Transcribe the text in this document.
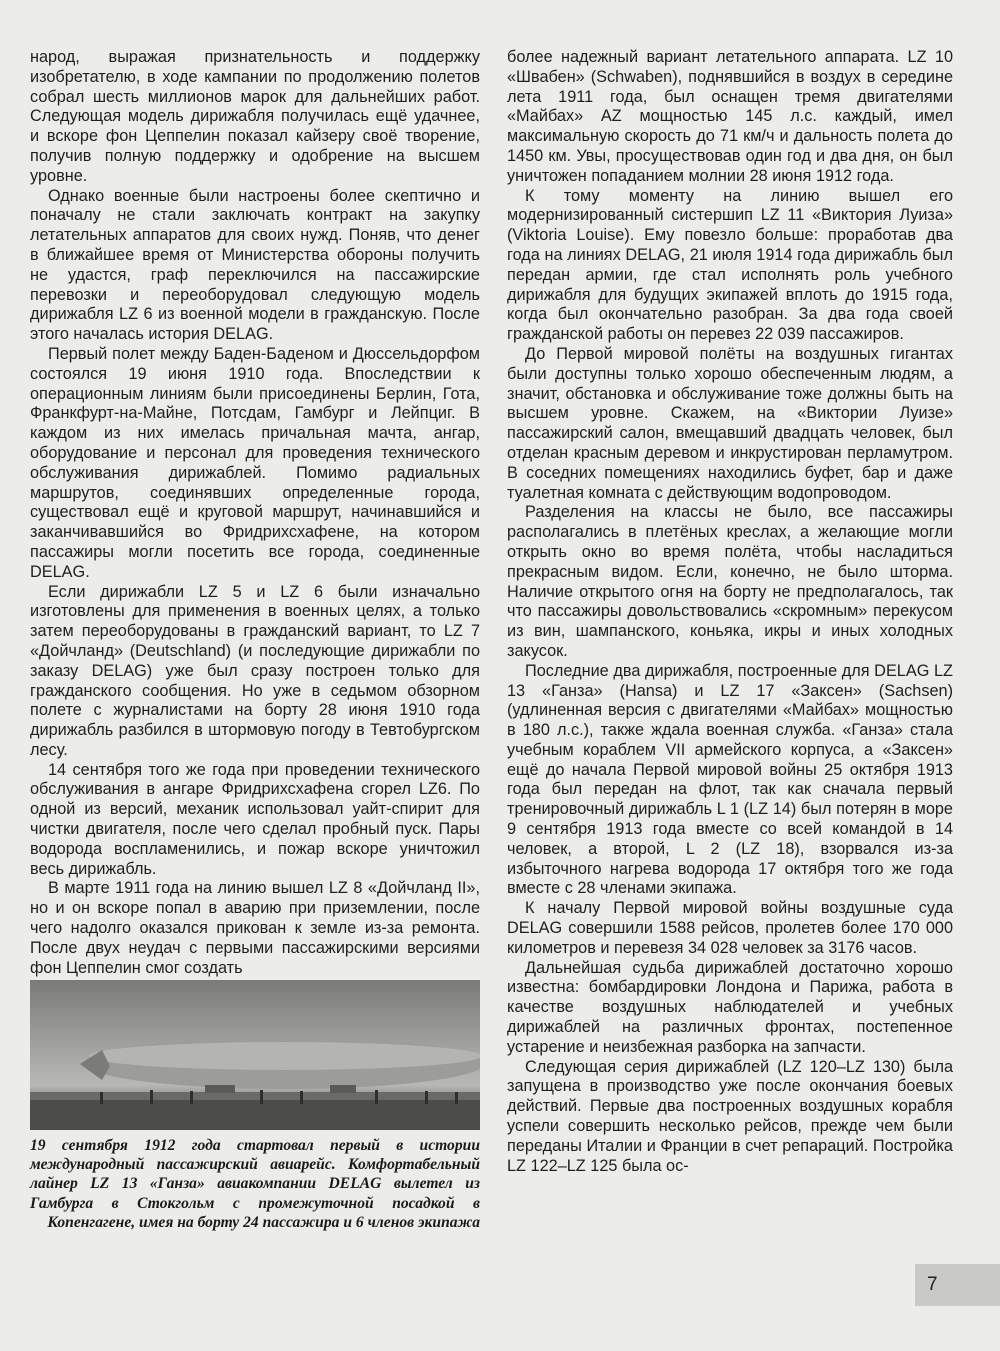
народ, выражая признательность и поддержку изобретателю, в ходе кампании по продолжению полетов собрал шесть миллионов марок для дальнейших работ. Следующая модель дирижабля получилась ещё удачнее, и вскоре фон Цеппелин показал кайзеру своё творение, получив полную поддержку и одобрение на высшем уровне.

Однако военные были настроены более скептично и поначалу не стали заключать контракт на закупку летательных аппаратов для своих нужд. Поняв, что денег в ближайшее время от Министерства обороны получить не удастся, граф переключился на пассажирские перевозки и переоборудовал следующую модель дирижабля LZ 6 из военной модели в гражданскую. После этого началась история DELAG.

Первый полет между Баден-Баденом и Дюссельдорфом состоялся 19 июня 1910 года. Впоследствии к операционным линиям были присоединены Берлин, Гота, Франкфурт-на-Майне, Потсдам, Гамбург и Лейпциг. В каждом из них имелась причальная мачта, ангар, оборудование и персонал для проведения технического обслуживания дирижаблей. Помимо радиальных маршрутов, соединявших определенные города, существовал ещё и круговой маршрут, начинавшийся и заканчивавшийся во Фридрихсхафене, на котором пассажиры могли посетить все города, соединенные DELAG.

Если дирижабли LZ 5 и LZ 6 были изначально изготовлены для применения в военных целях, а только затем переоборудованы в гражданский вариант, то LZ 7 «Дойчланд» (Deutschland) (и последующие дирижабли по заказу DELAG) уже был сразу построен только для гражданского сообщения. Но уже в седьмом обзорном полете с журналистами на борту 28 июня 1910 года дирижабль разбился в штормовую погоду в Тевтобургском лесу.

14 сентября того же года при проведении технического обслуживания в ангаре Фридрихсхафена сгорел LZ6. По одной из версий, механик использовал уайт-спирит для чистки двигателя, после чего сделал пробный пуск. Пары водорода воспламенились, и пожар вскоре уничтожил весь дирижабль.

В марте 1911 года на линию вышел LZ 8 «Дойчланд II», но и он вскоре попал в аварию при приземлении, после чего надолго оказался прикован к земле из-за ремонта. После двух неудач с первыми пассажирскими версиями фон Цеппелин смог создать

19 сентября 1912 года стартовал первый в истории международный пассажирский авиарейс. Комфортабельный лайнер LZ 13 «Ганза» авиакомпании DELAG вылетел из Гамбурга в Стокгольм с промежуточной посадкой в Копенгагене, имея на борту 24 пассажира и 6 членов экипажа

более надежный вариант летательного аппарата. LZ 10 «Швабен» (Schwaben), поднявшийся в воздух в середине лета 1911 года, был оснащен тремя двигателями «Майбах» AZ мощностью 145 л.с. каждый, имел максимальную скорость до 71 км/ч и дальность полета до 1450 км. Увы, просуществовав один год и два дня, он был уничтожен попаданием молнии 28 июня 1912 года.

К тому моменту на линию вышел его модернизированный систершип LZ 11 «Виктория Луиза» (Viktoria Louise). Ему повезло больше: проработав два года на линиях DELAG, 21 июля 1914 года дирижабль был передан армии, где стал исполнять роль учебного дирижабля для будущих экипажей вплоть до 1915 года, когда был окончательно разобран. За два года своей гражданской работы он перевез 22 039 пассажиров.

До Первой мировой полёты на воздушных гигантах были доступны только хорошо обеспеченным людям, а значит, обстановка и обслуживание тоже должны быть на высшем уровне. Скажем, на «Виктории Луизе» пассажирский салон, вмещавший двадцать человек, был отделан красным деревом и инкрустирован перламутром. В соседних помещениях находились буфет, бар и даже туалетная комната с действующим водопроводом.

Разделения на классы не было, все пассажиры располагались в плетёных креслах, а желающие могли открыть окно во время полёта, чтобы насладиться прекрасным видом. Если, конечно, не было шторма. Наличие открытого огня на борту не предполагалось, так что пассажиры довольствовались «скромным» перекусом из вин, шампанского, коньяка, икры и иных холодных закусок.

Последние два дирижабля, построенные для DELAG LZ 13 «Ганза» (Hansa) и LZ 17 «Заксен» (Sachsen) (удлиненная версия с двигателями «Майбах» мощностью в 180 л.с.), также ждала военная служба. «Ганза» стала учебным кораблем VII армейского корпуса, а «Заксен» ещё до начала Первой мировой войны 25 октября 1913 года был передан на флот, так как сначала первый тренировочный дирижабль L 1 (LZ 14) был потерян в море 9 сентября 1913 года вместе со всей командой в 14 человек, а второй, L 2 (LZ 18), взорвался из-за избыточного нагрева водорода 17 октября того же года вместе с 28 членами экипажа.

К началу Первой мировой войны воздушные суда DELAG совершили 1588 рейсов, пролетев более 170 000 километров и перевезя 34 028 человек за 3176 часов.

Дальнейшая судьба дирижаблей достаточно хорошо известна: бомбардировки Лондона и Парижа, работа в качестве воздушных наблюдателей и учебных дирижаблей на различных фронтах, постепенное устарение и неизбежная разборка на запчасти.

Следующая серия дирижаблей (LZ 120–LZ 130) была запущена в производство уже после окончания боевых действий. Первые два построенных воздушных корабля успели совершить несколько рейсов, прежде чем были переданы Италии и Франции в счет репараций. Постройка LZ 122–LZ 125 была ос-

7
